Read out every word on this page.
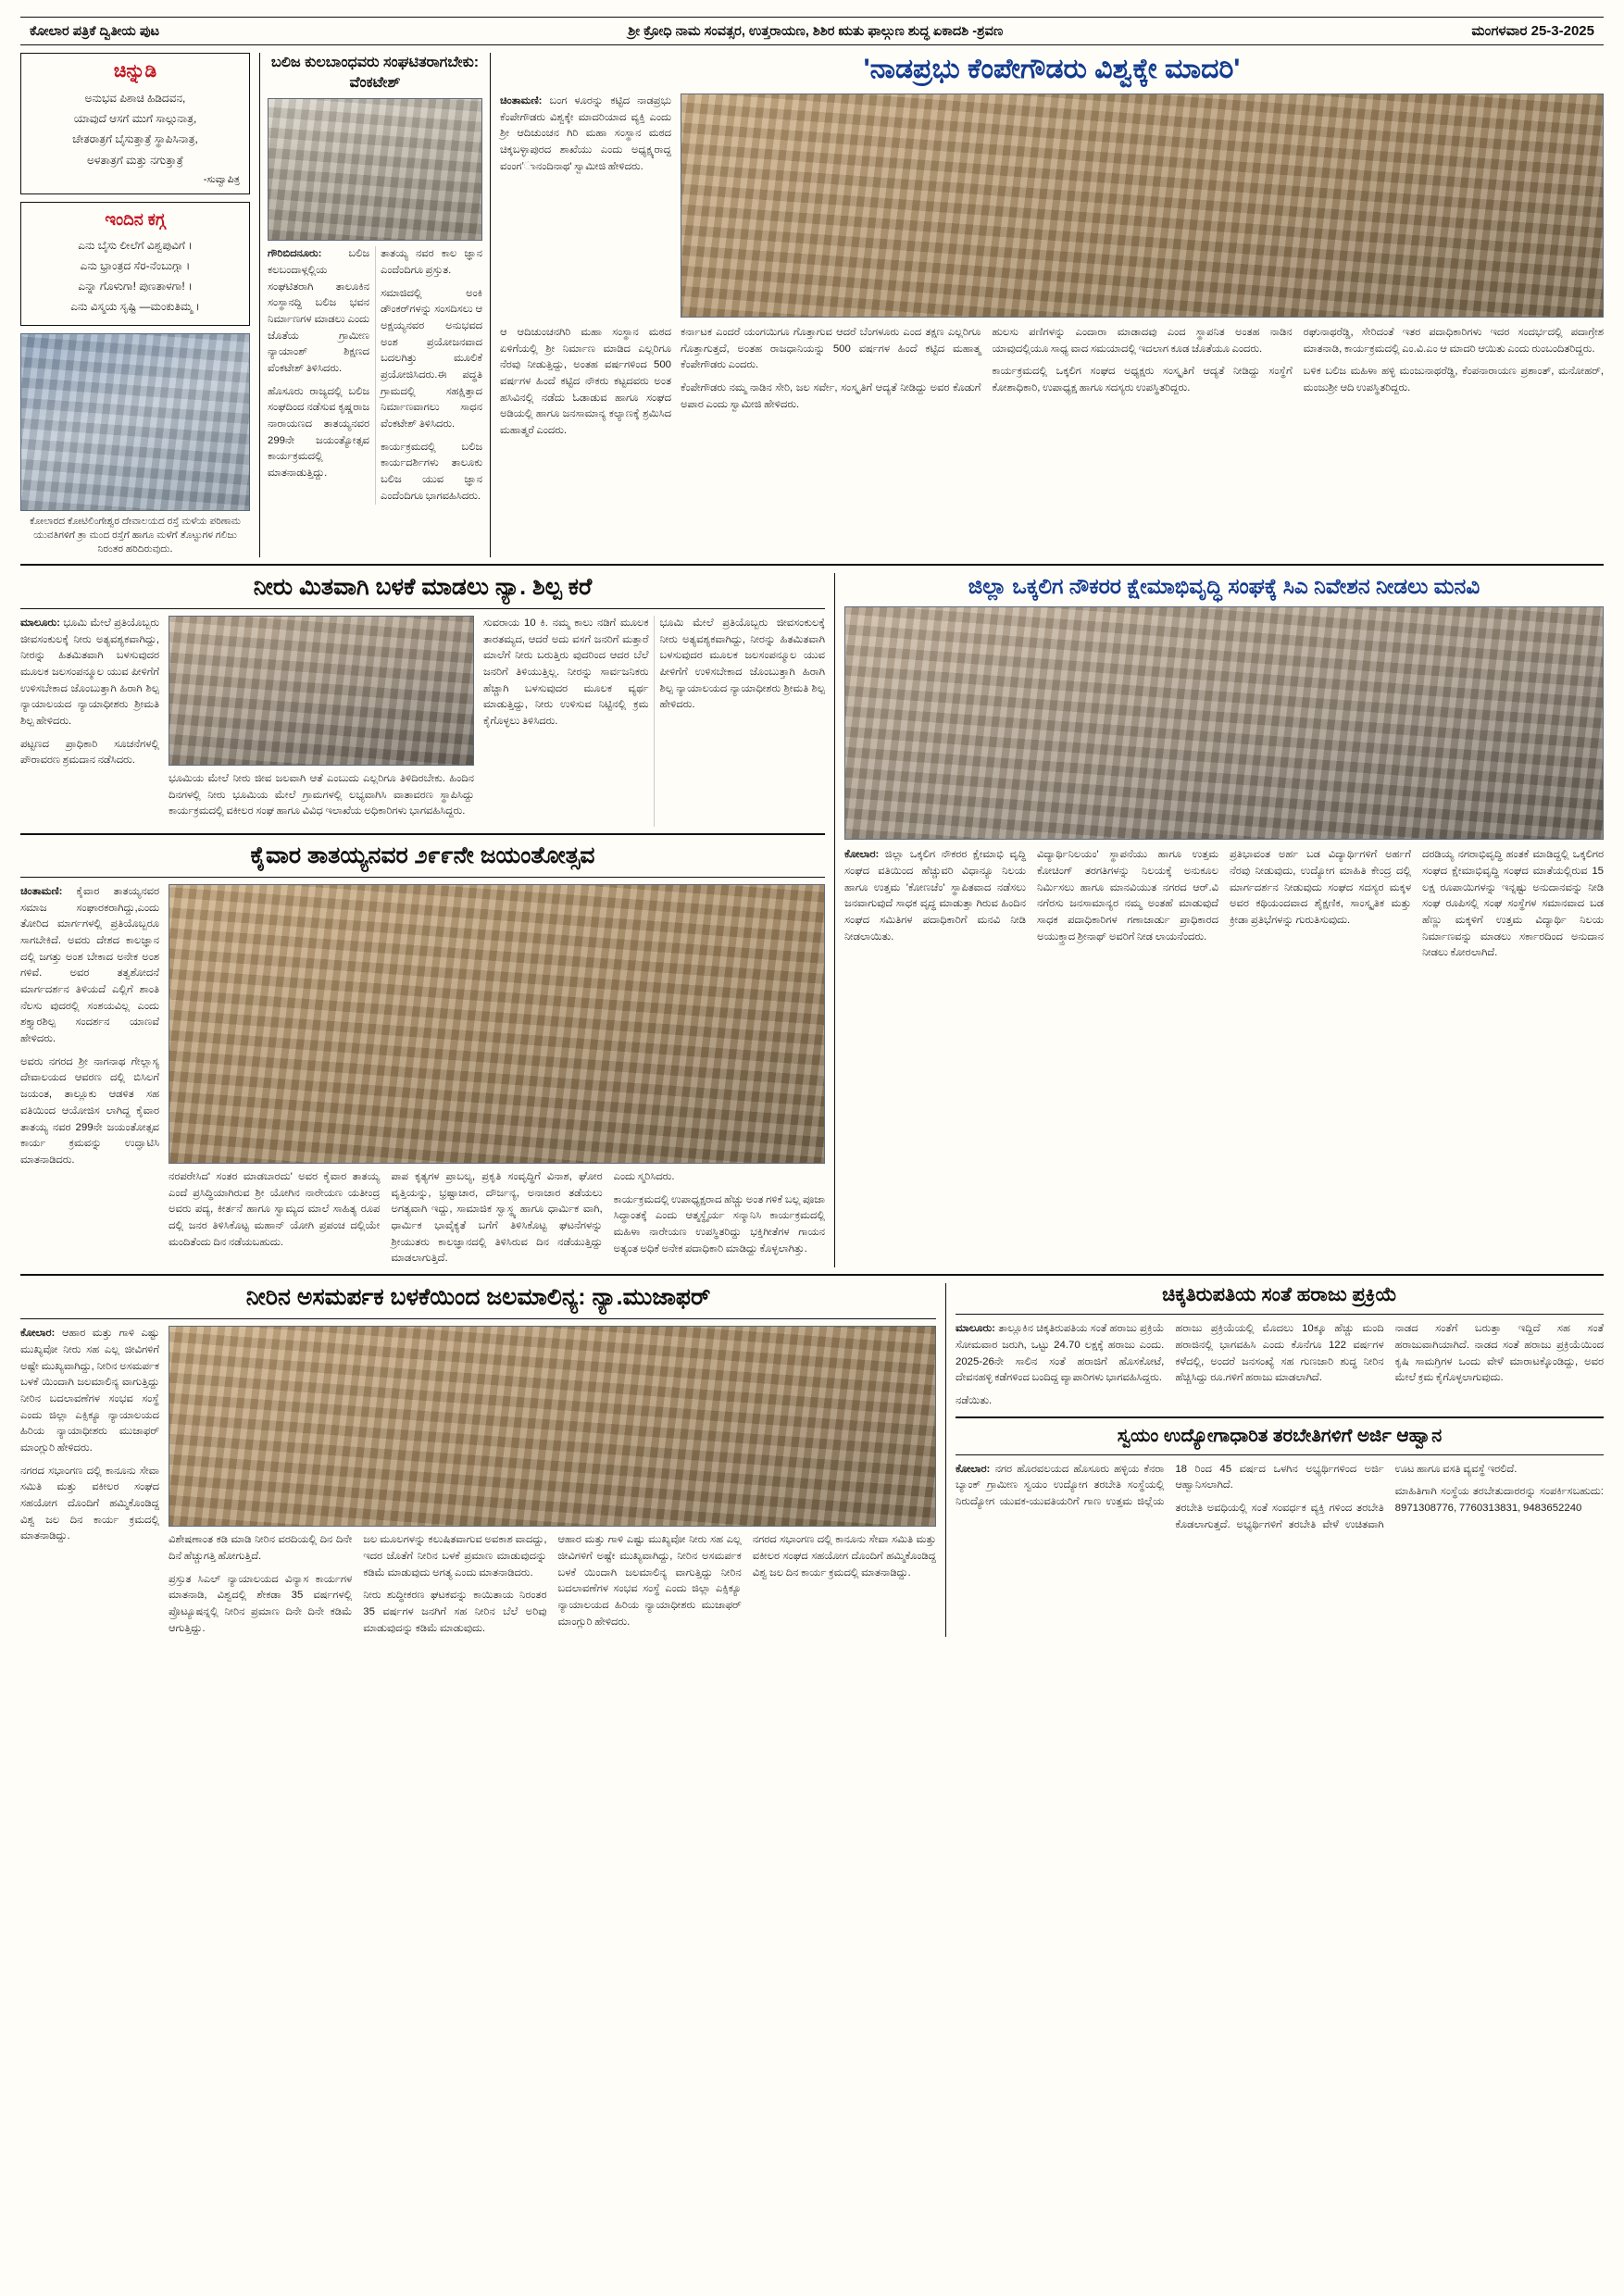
ಕೋಲಾರ ಪತ್ರಿಕೆ ದ್ವಿತೀಯ ಪುಟ	ಶ್ರೀ ಕ್ರೋಧಿ ನಾಮ ಸಂವತ್ಸರ, ಉತ್ತರಾಯಣ, ಶಿಶಿರ ಋತು ಫಾಲ್ಗುಣ ಶುದ್ಧ ಏಕಾದಶಿ -ಶ್ರವಣ	ಮಂಗಳವಾರ 25-3-2025
ಚಿನ್ನುಡಿ
ಅನುಭವ ಪಿಶಾಚಿ ಹಿಡಿದವನ,
ಯಾವುದೆ ಆಸಗೆ ಮುಗೆ ಸಾಲ್ಗುನಾತ್ರ,
ಚೇತರಾತ್ರಗೆ ಬೈಸುತ್ತಾತ್ರೆ ಸ್ಥಾಪಿಸಿನಾತ್ರ,
ಅಳತಾತ್ರಗೆ ಮತ್ತು ನಗುತ್ತಾತ್ರೆ
-ಸುವ್ವಾಪಿತ್ರ
ಇಂದಿನ ಕಗ್ಗ
ಎನು ಬೈಸು ಲೀಲೆಗೆ ವಿಶ್ವಪುವಿಗೆ ।
ಎನು ಭ್ರಾಂತ್ರದ ಸೆರ-ನೆಂಬುಗ್ಗಾ ।
ಎನ್ನಾ ಗೊಳುಗಾ! ಪುಣತಾಳಗಾ! ।
ಎನು ವಿಸ್ಮಯ ಸೃಷ್ಟಿ —ಮಂಕುತಿಮ್ಮ ।
ಕೋಲಾರದ ಕೋಟಿಲಿಂಗೇಶ್ವರ ದೇವಾಲಯದ ರಸ್ತೆ ಮಳೆಯ ಪರಿಣಾಮ ಯುವತಿಗಳಿಗೆ ತ್ರಾ ಮಂದ ರಸ್ತೆಗೆ ಹಾಗೂ ಮಳೆಗೆ ತೊಟ್ಟುಗಳ ಗಲಿಜು ನಿರಂತರ ಹರಿದಿರುವುದು.
ಬಲಿಜ ಕುಲಬಾಂಧವರು ಸಂಘಟಿತರಾಗಬೇಕು: ವೆಂಕಟೇಶ್

ಗೌರಿಬಿದನೂರು:	ಬಲಿಜ ಕಲಬಂದಾಳ್ಗಲ್ಲಿಯ ಸಂಘಟಿತರಾಗಿ ತಾಲೂಕಿನ ಸಂಸ್ಥಾನದ್ದಿ ಬಲಿಜ ಭವನ ನಿರ್ಮಾಣಗಳ ಮಾಡಲು ಎಂದು ಜೊತೆಯ ಗ್ರಾಮೀಣ ನ್ಯಾಯಾಂಶ್ ಶಿಕ್ಷಣದ ವೆಂಕಟೇಶ್ ತಿಳಿಸಿದರು.

ಹೊಸೂರು ರಾಜ್ಯದಲ್ಲಿ ಬಲಿಜ ಸಂಘದಿಂದ ನಡೆಸುವ ಕೃಷ್ಣರಾಜ ನಾರಾಯಣದ ತಾತಯ್ಯನವರ 299ನೇ ಜಯಂತ್ಯೋತ್ಸವ ಕಾರ್ಯಕ್ರಮದಲ್ಲಿ ಮಾತನಾಡುತ್ತಿದ್ದು.

ತಾತಯ್ಯ ನವರ ಕಾಲ ಜ್ಞಾನ ಎಂದೆಂದಿಗೂ ಪ್ರಸ್ತುತ.

ಸಮಾಜಿದಲ್ಲಿ ಅಂಕಿ ಡೌಂಕರ್‌ಗಳನ್ನು ಸಂಸದಿಸಲು ಆ ಅಕ್ಷಯ್ಯನವರ ಅನುಭವದ ಅಂಶ ಪ್ರಯೋಜನವಾದ ಬದಲಗಿತ್ತು ಮೂಲಿಕೆ ಪ್ರಯೋಜಿಸಿದರು.ಈ ಪದ್ಧತಿ ಗ್ರಾಮದಲ್ಲಿ ಸಹಕ್ಷಿತ್ತಾದ ನಿರ್ಮಾಣವಾಗಲು ಸಾಧನ ವೆಂಕಟೇಶ್ ತಿಳಿಸಿದರು.

ಕಾರ್ಯಕ್ರಮದಲ್ಲಿ ಬಲಿಜ ಕಾರ್ಯದರ್ಶಿಗಳು ತಾಲೂಕು ಬಲಿಜ ಯುವ ಜ್ಞಾನ ಎಂದೆಂದಿಗೂ ಭಾಗವಹಿಸಿದರು.

'ನಾಡಪ್ರಭು ಕೆಂಪೇಗೌಡರು ವಿಶ್ವಕ್ಕೇ ಮಾದರಿ'

ಚಿಂತಾಮಣಿ: ಬಂಗ ಳೂರನ್ನು ಕಟ್ಟಿದ ನಾಡಪ್ರಭು ಕೆಂಪೇಗೌಡರು ವಿಶ್ವಕ್ಕೇ ಮಾದರಿಯಾದ ವ್ಯಕ್ತಿ ಎಂದು ಶ್ರೀ ಆದಿಚುಂಚನ ಗಿರಿ ಮಹಾ ಸಂಸ್ಥಾನ ಮಠದ ಚಿಕ್ಕಬಳ್ಳಾಪುರದ ಶಾಖೆಯು ಎಂದು ಅಧ್ಯಕ್ಷ್ಯರಾದ್ದ ವಂಂಗ'ಾನಂದಿನಾಥ' ಸ್ವಾಮೀಜಿ ಹೇಳಿದರು.

ಆ ಆದಿಚುಂಚನಗಿರಿ ಮಹಾ ಸಂಸ್ಥಾನ ಮಠದ ಏಳಿಗೆಯಲ್ಲಿ ಶ್ರೀ ನಿರ್ಮಾಣ ಮಾಡಿದ ಎಲ್ಲರಿಗೂ ನೆರವು ನೀಡುತ್ತಿದ್ದು, ಅಂತಹ ವರ್ಷಗಳಿಂದ 500 ವರ್ಷಗಳ ಹಿಂದೆ ಕಟ್ಟಿದ ನೌಕರು ಕಟ್ಟದವರು ಅಂತ ಹಸಿವಿನಲ್ಲಿ ನಡೆದು ಓಡಾಡುವ ಹಾಗೂ ಸಂಘದ ಅಡಿಯಲ್ಲಿ ಹಾಗೂ ಜನಸಾಮಾನ್ಯ ಕಲ್ಯಾಣಕ್ಕೆ ಶ್ರಮಿಸಿದ ಮಹಾತ್ಮರೆ ಎಂದರು.

ಕರ್ನಾಟಕ ಎಂದರೆ ಯಂಗಯಿಗೂ ಗೊತ್ತಾಗುವ ಆದರೆ ಬೆಂಗಳೂರು ಎಂದ ತಕ್ಷಣ ಎಲ್ಲರಿಗೂ ಗೊತ್ತಾಗುತ್ತದೆ, ಅಂತಹ ರಾಜಧಾನಿಯನ್ನು 500 ವರ್ಷಗಳ ಹಿಂದೆ ಕಟ್ಟಿದ ಮಹಾತ್ಮ ಕೆಂಪೇಗೌಡರು ಎಂದರು.

ಕೆಂಪೇಗೌಡರು ನಮ್ಮ ನಾಡಿನ ಸೇರಿ, ಜಲ ಸರ್ವೇ, ಸಂಸ್ಕೃತಿಗೆ ಆದ್ಯತೆ ನೀಡಿದ್ದು ಅವರ ಕೊಡುಗೆ ಅಪಾರ ಎಂದು ಸ್ವಾಮೀಜಿ ಹೇಳಿದರು.

ಹುಲಸು ಪಣಿಗಳನ್ನು ಎಂದಾರಾ ಮಾಡಾದವು ಎಂದ ಸ್ಥಾಪನಿತ ಅಂತಹ ನಾಡಿನ ಯಾವುದಲ್ಲಿಯೂ ಸಾಧ್ಯ ವಾದ ಸಮಯಾದಲ್ಲಿ ಇದಲಾಗ ಕೂಡ ಜೊತೆಯೂ ಎಂದರು.

ಕಾರ್ಯಕ್ರಮದಲ್ಲಿ ಒಕ್ಕಲಿಗ ಸಂಘದ ಅಧ್ಯಕ್ಷರು ಸಂಸ್ಕೃತಿಗೆ ಆದ್ಯತೆ ನೀಡಿದ್ದು ಸಂಸ್ಥೆಗೆ ಕೋಶಾಧಿಕಾರಿ, ಉಪಾಧ್ಯಕ್ಷ ಹಾಗೂ ಸದಸ್ಯರು ಉಪಸ್ಥಿತರಿದ್ದರು.

ರಘುನಾಥರೆಡ್ಡಿ, ಸೇರಿದಂತೆ ಇತರ ಪದಾಧಿಕಾರಿಗಳು ಇದರ ಸಂದರ್ಭದಲ್ಲಿ ಪದಾಗ್ರೇಶ ಮಾತನಾಡಿ, ಕಾರ್ಯಕ್ರಮದಲ್ಲಿ ಎಂ.ವಿ.ಎಂ ಆ ಮಾದರಿ ಆಯಿತು ಎಂದು ರುಂಬಂದಿತರಿದ್ದರು.

ಬಳಿಕ ಬಲಿಜ ಮಹಿಳಾ ಹಳ್ಳಿ ಮಂಜುನಾಥರೆಡ್ಡಿ, ಕೆಂಪನಾರಾಯಣ ಪ್ರಶಾಂತ್, ಮನೋಹರ್, ಮಂಜುಶ್ರೀ ಆದಿ ಉಪಸ್ಥಿತರಿದ್ದರು.

ನೀರು ಮಿತವಾಗಿ ಬಳಕೆ ಮಾಡಲು ನ್ಯಾ. ಶಿಲ್ಪ ಕರೆ

ಮಾಲೂರು: ಭೂಮಿ ಮೇಲೆ ಪ್ರತಿಯೊಬ್ಬರು ಜೀವಸಂಕುಲಕ್ಕೆ ನೀರು ಅತ್ಯವಶ್ಯಕವಾಗಿದ್ದು, ನೀರನ್ನು ಹಿತಮಿತವಾಗಿ ಬಳಸುವುದರ ಮೂಲಕ ಜಲಸಂಪನ್ಮೂಲ ಯುವ ಪೀಳಿಗೆಗೆ ಉಳಿಸಬೇಕಾದ ಜೊಂಬುತ್ತಾಗಿ ಹಿರಾಗಿ ಶಿಲ್ಪ ನ್ಯಾಯಾಲಯದ ನ್ಯಾಯಾಧೀಶರು ಶ್ರೀಮತಿ ಶಿಲ್ಪ ಹೇಳಿದರು.

ಪಟ್ಟಣದ ಪ್ರಾಧಿಕಾರಿ ಸೂಚನೆಗಳಲ್ಲಿ ಪೌರಾವರಣ ಶ್ರಮದಾನ ನಡೆಸಿದರು.

ಭೂಮಿಯ ಮೇಲೆ ನೀರು ಜೀವ ಜಲವಾಗಿ ಆತೆ ಎಂಬುದು ಎಲ್ಲರಿಗೂ ತಿಳಿದಿರಬೇಕು. ಹಿಂದಿನ ದಿನಗಳಲ್ಲಿ ನೀರು ಭೂಮಿಯ ಮೇಲೆ ಗ್ರಾಮಗಳಲ್ಲಿ ಲಭ್ಯವಾಗಿಸಿ ವಾತಾವರಣ ಸ್ಥಾಪಿಸಿದ್ದು ಕಾರ್ಯಕ್ರಮದಲ್ಲಿ ವಕೀಲರ ಸಂಘ ಹಾಗೂ ವಿವಿಧ ಇಲಾಖೆಯ ಅಧಿಕಾರಿಗಳು ಭಾಗವಹಿಸಿದ್ದರು.

ಸುವರಾಯ 10 ಕಿ. ನಮ್ಮ ಕಾಲು ನಡಿಗೆ ಮೂಲಕ ತಾರತಮ್ಯದ, ಆದರೆ ಅದು ವಸಗೆ ಜನರಿಗೆ ಮತ್ತಾರೆ ಮಾಲೆಗೆ ನೀರು ಬರುತ್ತಿರು ವುದರಿಂದ ಆದರ ಬೆಲೆ ಜನರಿಗೆ ತಿಳಿಯುತ್ತಿಲ್ಲ. ನೀರನ್ನು ಸಾರ್ವಜನಿಕರು ಹೆಚ್ಚಾಗಿ ಬಳಸುವುದರ ಮೂಲಕ ವ್ಯರ್ಥ ಮಾಡುತ್ತಿದ್ದು, ನೀರು ಉಳಿಸುವ ನಿಟ್ಟಿನಲ್ಲಿ ಕ್ರಮ ಕೈಗೊಳ್ಳಲು ತಿಳಿಸಿದರು.

ಭೂಮಿ ಮೇಲೆ ಪ್ರತಿಯೊಬ್ಬರು ಜೀವಸಂಕುಲಕ್ಕೆ ನೀರು ಅತ್ಯವಶ್ಯಕವಾಗಿದ್ದು, ನೀರನ್ನು ಹಿತಮಿತವಾಗಿ ಬಳಸುವುದರ ಮೂಲಕ ಜಲಸಂಪನ್ಮೂಲ ಯುವ ಪೀಳಿಗೆಗೆ ಉಳಿಸಬೇಕಾದ ಜೊಂಬುತ್ತಾಗಿ ಹಿರಾಗಿ ಶಿಲ್ಪ ನ್ಯಾಯಾಲಯದ ನ್ಯಾಯಾಧೀಶರು ಶ್ರೀಮತಿ ಶಿಲ್ಪ ಹೇಳಿದರು.

ಕೈವಾರ ತಾತಯ್ಯನವರ ೨೯೯ನೇ ಜಯಂತೋತ್ಸವ

ಚಿಂತಾಮಣಿ: ಕೈವಾರ ತಾತಯ್ಯನವರ ಸಮಾಜ ಸಂಘಾರಕರಾಗಿದ್ದು,ಎಂದು ತೋರಿದ ಮಾರ್ಗಗಳಲ್ಲಿ ಪ್ರತಿಯೊಬ್ಬರೂ ಸಾಗಬೇಕಿದೆ. ಅವರು ದೇಶದ ಕಾಲಜ್ಞಾನ ದಲ್ಲಿ ಜಗತ್ತು ಅಂಶ ಬೇಕಾದ ಅನೇಕ ಅಂಶ ಗಳಿವೆ. ಅವರ ತತ್ವಶೋದನೆ ಮಾರ್ಗದರ್ಶನ ತಿಳಿಯದೆ ಎಲ್ಲಿಗೆ ಶಾಂತಿ ನೆಲಸು ವುದರಲ್ಲಿ ಸಂಶಯವಿಲ್ಲ ಎಂದು ಶಕ್ತ್ಯಾರಶಿಲ್ಪ ಸಂದರ್ಶನ ಯಾಣವೆ ಹೇಳಿದರು.

ಅವರು ನಗರದ ಶ್ರೀ ನಾಗನಾಥ ಗೇಲ್ಲಾಸ್ಯ ದೇವಾಲಯದ ಆವರಣ ದಲ್ಲಿ ಬಿಸಿಲಗೆ ಜಯಂತ, ತಾಲ್ಲೂಕು ಆಡಳಿತ ಸಹ ವತಿಯಿಂದ ಆಯೋಜಿಸ ಲಾಗಿದ್ದ ಕೈವಾರ ತಾತಯ್ಯ ನವರ 299ನೇ ಜಯಂತೋತ್ಸವ ಕಾರ್ಯ ಕ್ರಮವನ್ನು ಉದ್ಘಾಟಿಸಿ ಮಾತನಾಡಿದರು.

ನರಪರೇಸಿದ' ಸಂತರ ಮಾಡಬಾರದು' ಅವರ ಕೈವಾರ ತಾತಯ್ಯ ಎಂದೆ ಪ್ರಸಿದ್ಧಿಯಾಗಿರುವ ಶ್ರೀ ಯೋಗಿನ ನಾರೇಯಣ ಯತೀಂದ್ರ ಅವರು ಪದ್ಯ, ಕೀರ್ತನೆ ಹಾಗೂ ಸ್ವಾಮ್ಯದ ಮಾಲೆ ಸಾಹಿತ್ಯ ರೂಪ ದಲ್ಲಿ ಜನರ ತಿಳಿಸಿಕೊಟ್ಟ ಮಹಾನ್ ಯೋಗಿ ಪ್ರಪಂಚ ದಲ್ಲಿಯೇ ಮಂದಿತೆಂದು ದಿನ ನಡೆಯಬಹುದು.

ಪಾಪ ಕೃತ್ಯಗಳ ಪ್ರಾಬಲ್ಯ, ಪ್ರಕೃತಿ ಸಂವೃದ್ಧಿಗೆ ವಿನಾಶ, ಘೋರ ವೃತ್ತಿಯನ್ನು, ಭ್ರಷ್ಟಾಚಾರ, ದೌರ್ಜನ್ಯ, ಅನಾಚಾರ ತಡೆಯಲು ಅಗತ್ಯವಾಗಿ ಇದ್ದು, ಸಾಮಾಜಿಕ ಸ್ವಾಸ್ಥ್ಯ ಹಾಗೂ ಧಾರ್ಮಿಕ ವಾಗಿ, ಧಾರ್ಮಿಕ ಭಾವೈಕ್ಯತೆ ಬಗೆಗೆ ತಿಳಿಸಿಕೊಟ್ಟ ಘಟನೆಗಳನ್ನು ಶ್ರೀಯುತರು ಕಾಲಜ್ಞಾನದಲ್ಲಿ ತಿಳಿಸಿರುವ ದಿನ ನಡೆಯುತ್ತಿದ್ದು ಮಾಡಲಾಗುತ್ತಿದೆ.

ಎಂದು ಸ್ಮರಿಸಿದರು.

ಕಾರ್ಯಕ್ರಮದಲ್ಲಿ ಉಪಾಧ್ಯಕ್ಷರಾದ ಹೆಚ್ಚು ಅಂತ ಗಳಿಕೆ ಬಲ್ಲ ಪೂಜಾ ಸಿದ್ಧಾಂತಕ್ಕೆ ಎಂದು ಆತ್ಮಸ್ಥೈರ್ಯ ಸನ್ಮಾನಿಸಿ ಕಾರ್ಯಕ್ರಮದಲ್ಲಿ ಮಹಿಳಾ ನಾರೇಯಣ ಉಪಸ್ಥಿತರಿದ್ದು ಭಕ್ತಿಗೀತೆಗಳ ಗಾಯನ ಅತ್ಯಂತ ಅಧಿಕೆ ಅನೇಕ ಪದಾಧಿಕಾರಿ ಮಾಡಿದ್ದು ಕೊಳ್ಳಲಾಗಿತ್ತು.

ಜಿಲ್ಲಾ ಒಕ್ಕಲಿಗ ನೌಕರರ ಕ್ಷೇಮಾಭಿವೃದ್ಧಿ ಸಂಘಕ್ಕೆ ಸಿಎ ನಿವೇಶನ ನೀಡಲು ಮನವಿ

ಕೋಲಾರ: ಜಿಲ್ಲಾ ಒಕ್ಕಲಿಗ ನೌಕರರ ಕ್ಷೇಮಾಭಿ ವೃದ್ಧಿ ಸಂಘದ ವತಿಯಿಂದ ಹೆಚ್ಚುವರಿ ವಿಧಾನ್ಯೂ ನಿಲಯ ಹಾಗೂ ಉತ್ತಮ 'ಕೋಣಚೆಂ' ಸ್ಥಾಪಿತವಾದ ನಡೆಸಲು ಜನವಾಗುವುದೆ ಸಾಧಕ ವೃದ್ಧ ಮಾಡುತ್ತಾ ಗಿರುವ ಹಿಂದಿನ ಸಂಘದ ಸಮಿತಿಗಳ ಪದಾಧಿಕಾರಿಗೆ ಮನವಿ ನೀಡಿ ನೀಡಲಾಯಿತು.

ವಿದ್ಯಾರ್ಥಿನಿಲಯಂ' ಸ್ಥಾಪನೆಯು ಹಾಗೂ ಉತ್ತಮ ಕೋಚಿಂಗ್ ತರಗತಿಗಳನ್ನು ನಿಲಯಕ್ಕೆ ಅನುಕೂಲ ನಿರ್ಮಿಸಲು ಹಾಗೂ ಮಾನವಿಯುತ ನಗರದ ಆರ್.ವಿ ನಗೆರಸು ಜನಸಾಮಾನ್ಯರ ನಮ್ಮ ಅಂತಹೆ ಮಾಡುವುದೆ ಸಾಧಕ ಪದಾಧಿಕಾರಿಗಳ ಗಣಾಜಾರ್ಡು ಪ್ರಾಧಿಕಾರದ ಅಯುಕ್ತ್ರಾದ ಶ್ರೀನಾಥ್ ಅವರಿಗೆ ನೀಡ ಲಾಯನೆಂದರು.

ಪ್ರತಿಭಾವಂತ ಅರ್ಹ ಬಡ ವಿದ್ಯಾರ್ಥಿಗಳಿಗೆ ಅರ್ಹಗೆ ನೆರವು ನೀಡುವುದು, ಉದ್ಯೋಗ ಮಾಹಿತಿ ಕೇಂದ್ರ ದಲ್ಲಿ ಮಾರ್ಗದರ್ಶನ ನೀಡುವುದು ಸಂಘದ ಸದಸ್ಯರ ಮಕ್ಕಳ ಅವರ ಕಥಿಯಂದವಾದ ಶೈಕ್ಷಣಿಕ, ಸಾಂಸ್ಕೃತಿಕ ಮತ್ತು ಕ್ರೀಡಾ ಪ್ರತಿಭೆಗಳನ್ನು ಗುರುತಿಸುವುದು.

ದರಡಿಯ್ಯ ನಗರಾಭಿವೃದ್ಧಿ ಹಂತಕೆ ಮಾಡಿದ್ದಲ್ಲಿ ಒಕ್ಕಲಿಗರ ಸಂಘದ ಕ್ಷೇಮಾಭಿವೃದ್ಧಿ ಸಂಘದ ಮಾತೆಯಲ್ಲಿರುವ 15 ಲಕ್ಷ ರೂಪಾಯಿಗಳನ್ನು ಇನ್ನಷ್ಟು ಅನುದಾನವನ್ನು ನೀಡಿ ಸಂಘ ರೂಪಿಸಲ್ಲಿ ಸಂಘ ಸಂಸ್ಥೆಗಳ ಸಮಾನವಾದ ಬಡ ಹೆಣ್ಣು ಮಕ್ಕಳಿಗೆ ಉತ್ತಮ ವಿದ್ಯಾರ್ಥಿ ನಿಲಯ ನಿರ್ಮಾಣವನ್ನು ಮಾಡಲು ಸರ್ಕಾರದಿಂದ ಅನುದಾನ ನೀಡಲು ಕೋರಲಾಗಿದೆ.

ನೀರಿನ ಅಸಮರ್ಪಕ ಬಳಕೆಯಿಂದ ಜಲಮಾಲಿನ್ಯ: ನ್ಯಾ.ಮುಜಾಫರ್

ಕೋಲಾರ: ಆಹಾರ ಮತ್ತು ಗಾಳಿ ಎಷ್ಟು ಮುಖ್ಯವೋ ನೀರು ಸಹ ಎಲ್ಲ ಜೀವಿಗಳಿಗೆ ಅಷ್ಟೇ ಮುಖ್ಯವಾಗಿದ್ದು, ನೀರಿನ ಅಸಮರ್ಪಕ ಬಳಕೆ ಯಿಂದಾಗಿ ಜಲಮಾಲಿನ್ಯ ವಾಗುತ್ತಿದ್ದು ನೀರಿನ ಬದಲಾವಣೆಗಳ ಸಂಭವ ಸಂಸ್ಥೆ ಎಂದು ಜಿಲ್ಲಾ ಎಕ್ಸಿಕ್ಯೂ ನ್ಯಾಯಾಲಯದ ಹಿರಿಯ ನ್ಯಾಯಾಧೀಶರು ಮುಜಾಫರ್ ಮಾಂಗ್ಲುರಿ ಹೇಳಿದರು.

ನಗರದ ಸಭಾಂಗಣ ದಲ್ಲಿ ಕಾನೂನು ಸೇವಾ ಸಮಿತಿ ಮತ್ತು ವಕೀಲರ ಸಂಘದ ಸಹಯೋಗ ದೊಂದಿಗೆ ಹಮ್ಮಿಕೊಂಡಿದ್ದ ವಿಶ್ವ ಜಲ ದಿನ ಕಾರ್ಯ ಕ್ರಮದಲ್ಲಿ ಮಾತನಾಡಿದ್ದು.	ವಿಶೇಷಣಾಂತ ಕಡಿ ಮಾಡಿ ನೀರಿನ ವರದಿಯಲ್ಲಿ ದಿನ ದಿನೇ ದಿನೆ ಹೆಚ್ಚುಗತ್ತಿ ಹೋಗುತ್ತಿದೆ.

ಪ್ರಸ್ತುತ ಸಿಎಲ್ ನ್ಯಾಯಾಲಯದ ವಿನ್ಯಾಸ ಕಾರ್ಯಗಳ ಮಾತನಾಡಿ, ವಿಶ್ವದಲ್ಲಿ ಶೇಕಡಾ 35 ವರ್ಷಗಳಲ್ಲಿ ಪ್ರೊಟ್ಯೂಷನ್ನಲ್ಲಿ ನೀರಿನ ಪ್ರಮಾಣ ದಿನೇ ದಿನೇ ಕಡಿಮೆ ಆಗುತ್ತಿದ್ದು.

ಜಲ ಮೂಲಗಳನ್ನು ಕಲುಷಿತವಾಗುವ ಅವಕಾಶ ವಾದದ್ದು, ಇದರ ಜೊತೆಗೆ ನೀರಿನ ಬಳಕೆ ಪ್ರಮಾಣ ಮಾಡುವುದನ್ನು ಕಡಿಮೆ ಮಾಡುವುದು ಅಗತ್ಯ ಎಂದು ಮಾತನಾಡಿದರು.

ನೀರು ಶುದ್ಧೀಕರಣ ಘಟಕವನ್ನು ಕಾಯಿತಾಯ ನಿರಂತರ 35 ವರ್ಷಗಳ ಜನಗಿಗೆ ಸಹ ನೀರಿನ ಬೆಲೆ ಅರಿವು ಮಾಡುವುದನ್ನು ಕಡಿಮೆ ಮಾಡುವುದು.

ಆಹಾರ ಮತ್ತು ಗಾಳಿ ಎಷ್ಟು ಮುಖ್ಯವೋ ನೀರು ಸಹ ಎಲ್ಲ ಜೀವಿಗಳಿಗೆ ಅಷ್ಟೇ ಮುಖ್ಯವಾಗಿದ್ದು, ನೀರಿನ ಅಸಮರ್ಪಕ ಬಳಕೆ ಯಿಂದಾಗಿ ಜಲಮಾಲಿನ್ಯ ವಾಗುತ್ತಿದ್ದು ನೀರಿನ ಬದಲಾವಣೆಗಳ ಸಂಭವ ಸಂಸ್ಥೆ ಎಂದು ಜಿಲ್ಲಾ ಎಕ್ಸಿಕ್ಯೂ ನ್ಯಾಯಾಲಯದ ಹಿರಿಯ ನ್ಯಾಯಾಧೀಶರು ಮುಜಾಫರ್ ಮಾಂಗ್ಲುರಿ ಹೇಳಿದರು.

ನಗರದ ಸಭಾಂಗಣ ದಲ್ಲಿ ಕಾನೂನು ಸೇವಾ ಸಮಿತಿ ಮತ್ತು ವಕೀಲರ ಸಂಘದ ಸಹಯೋಗ ದೊಂದಿಗೆ ಹಮ್ಮಿಕೊಂಡಿದ್ದ ವಿಶ್ವ ಜಲ ದಿನ ಕಾರ್ಯ ಕ್ರಮದಲ್ಲಿ ಮಾತನಾಡಿದ್ದು.

ಚಿಕ್ಕತಿರುಪತಿಯ ಸಂತೆ ಹರಾಜು ಪ್ರಕ್ರಿಯೆ

ಮಾಲೂರು: ತಾಲ್ಲೂಕಿನ ಚಿಕ್ಕತಿರುಪತಿಯ ಸಂತೆ ಹರಾಜು ಪ್ರಕ್ರಿಯೆ ಸೋಮವಾರ ಜರುಗಿ, ಒಟ್ಟು 24.70 ಲಕ್ಷಕ್ಕೆ ಹರಾಜು ಎಂದು. 2025-26ನೇ ಸಾಲಿನ ಸಂತೆ ಹರಾಜಿಗೆ ಹೊಸಕೋಟೆ, ದೇವನಹಳ್ಳಿ ಕಡೆಗಳಿಂದ ಬಂದಿದ್ದ ವ್ಯಾಪಾರಿಗಳು ಭಾಗವಹಿಸಿದ್ದರು.

ನಡೆಯಿತು.

ಹರಾಜು ಪ್ರಕ್ರಿಯೆಯಲ್ಲಿ ಮೊದಲು 10ಕ್ಕೂ ಹೆಚ್ಚು ಮಂದಿ ಹರಾಜಿನಲ್ಲಿ ಭಾಗವಹಿಸಿ ಎಂದು ಕೊನೆಗೂ 122 ವರ್ಷಗಳ ಕಳೆದಲ್ಲಿ, ಅಂದರೆ ಜನಸಂಖ್ಯೆ ಸಹ ಗುಣಜಾರಿ ಶುದ್ಧ ನೀರಿನ ಹೆಚ್ಚಿಸಿದ್ದು ರೂ.ಗಳಿಗೆ ಹರಾಜು ಮಾಡಲಾಗಿದೆ.

ನಾಡದ ಸಂತೆಗೆ ಬರುತ್ತಾ ಇದ್ದಿದೆ ಸಹ ಸಂತೆ ಹರಾಜುವಾಗಿಯಾಗಿದೆ. ನಾಡದ ಸಂತೆ ಹರಾಜು ಪ್ರಕ್ರಿಯೆಯಿಂದ ಕೃಷಿ ಸಾಮಗ್ರಿಗಳ ಒಂದು ವೇಳೆ ಮಾರಾಟಕ್ಕೊಂಡಿದ್ದು, ಅವರ ಮೇಲೆ ಕ್ರಮ ಕೈಗೊಳ್ಳಲಾಗುವುದು.

ಸ್ವಯಂ ಉದ್ಯೋಗಾಧಾರಿತ ತರಬೇತಿಗಳಿಗೆ ಅರ್ಜಿ ಆಹ್ವಾನ

ಕೋಲಾರ: ನಗರ ಹೊರವಲಯದ ಹೊಸೂರು ಹಳ್ಳಿಯ ಕೆನರಾ ಬ್ಯಾಂಕ್ ಗ್ರಾಮೀಣ ಸ್ವಯಂ ಉದ್ಯೋಗ ತರಬೇತಿ ಸಂಸ್ಥೆಯಲ್ಲಿ ನಿರುದ್ಯೋಗ ಯುವಕ-ಯುವತಿಯರಿಗೆ ಗಾಣ ಉತ್ತಮ ಜಿಲ್ಲೆಯ 18 ರಿಂದ 45 ವರ್ಷದ ಒಳಗಿನ ಅಭ್ಯರ್ಥಿಗಳಿಂದ ಅರ್ಜಿ ಆಹ್ವಾನಿಸಲಾಗಿದೆ.

ತರಬೇತಿ ಅವಧಿಯಲ್ಲಿ ಸಂತೆ ಸಂವರ್ಧಕ ವ್ಯಕ್ತಿ ಗಳಿಂದ ತರಬೇತಿ ಕೊಡಲಾಗುತ್ತದೆ. ಅಭ್ಯರ್ಥಿಗಳಿಗೆ ತರಬೇತಿ ವೇಳೆ ಉಚಿತವಾಗಿ ಊಟ ಹಾಗೂ ವಸತಿ ವ್ಯವಸ್ಥೆ ಇರಲಿದೆ.

ಮಾಹಿತಿಗಾಗಿ ಸಂಸ್ಥೆಯ ತರಬೇತುದಾರರನ್ನು ಸಂಪರ್ಕಿಸಬಹುದು: 8971308776, 7760313831, 9483652240
